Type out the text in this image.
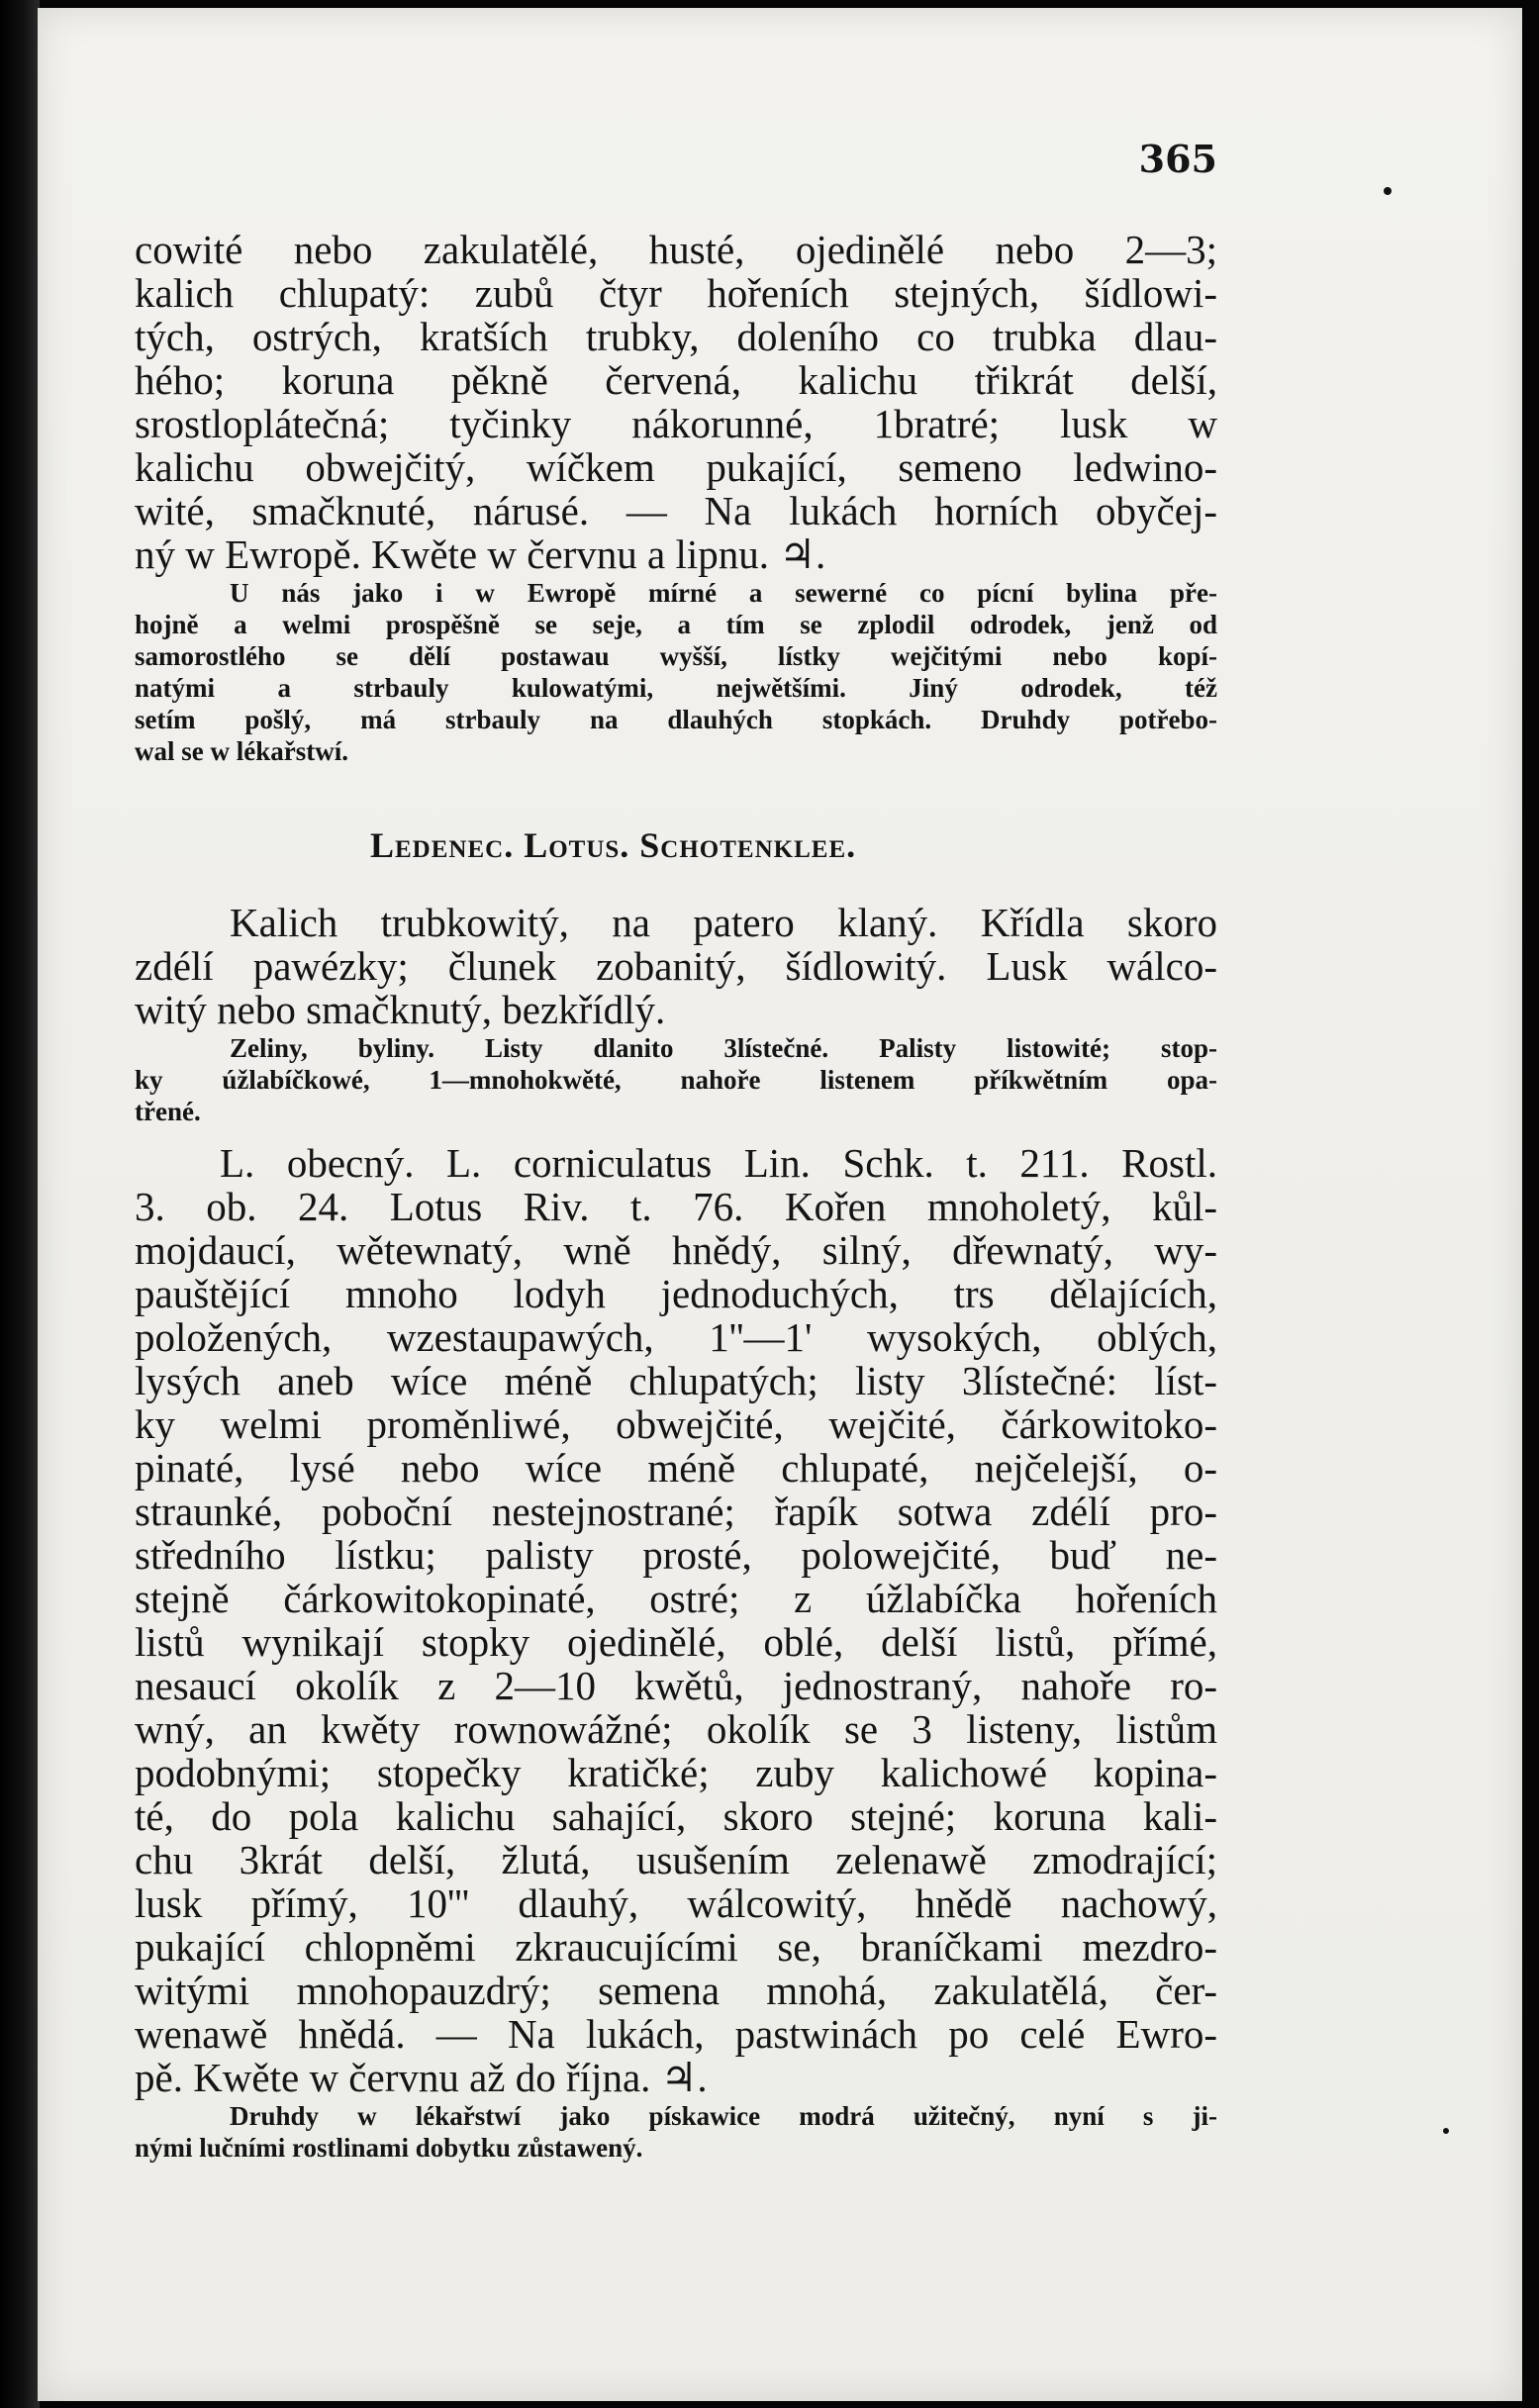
365
cowité nebo zakulatělé, husté, ojedinělé nebo 2—3;
kalich chlupatý: zubů čtyr hořeních stejných, šídlowi-
tých, ostrých, kratších trubky, doleního co trubka dlau-
hého; koruna pěkně červená, kalichu třikrát delší,
srostloplátečná; tyčinky nákorunné, 1bratré; lusk w
kalichu obwejčitý, wíčkem pukající, semeno ledwino-
wité, smačknuté, nárusé. — Na lukách horních obyčej-
ný w Ewropě. Kwěte w červnu a lipnu. ♃.
U nás jako i w Ewropě mírné a sewerné co pícní bylina pře-
hojně a welmi prospěšně se seje, a tím se zplodil odrodek, jenž od
samorostlého se dělí postawau wyšší, lístky wejčitými nebo kopí-
natými a strbauly kulowatými, nejwětšími. Jiný odrodek, též
setím pošlý, má strbauly na dlauhých stopkách. Druhdy potřebo-
wal se w lékařstwí.
Ledenec. Lotus. Schotenklee.
Kalich trubkowitý, na patero klaný. Křídla skoro
zdélí pawézky; člunek zobanitý, šídlowitý. Lusk wálco-
witý nebo smačknutý, bezkřídlý.
Zeliny, byliny. Listy dlanito 3lístečné. Palisty listowité; stop-
ky úžlabíčkowé, 1—mnohokwěté, nahoře listenem příkwětním opa-
třené.
L. obecný. L. corniculatus Lin. Schk. t. 211. Rostl.
3. ob. 24. Lotus Riv. t. 76. Kořen mnoholetý, kůl-
mojdaucí, wětewnatý, wně hnědý, silný, dřewnatý, wy-
pauštějící mnoho lodyh jednoduchých, trs dělajících,
položených, wzestaupawých, 1''—1' wysokých, oblých,
lysých aneb wíce méně chlupatých; listy 3lístečné: líst-
ky welmi proměnliwé, obwejčité, wejčité, čárkowitoko-
pinaté, lysé nebo wíce méně chlupaté, nejčelejší, o-
straunké, poboční nestejnostrané; řapík sotwa zdélí pro-
středního lístku; palisty prosté, polowejčité, buď ne-
stejně čárkowitokopinaté, ostré; z úžlabíčka hořeních
listů wynikají stopky ojedinělé, oblé, delší listů, přímé,
nesaucí okolík z 2—10 kwětů, jednostraný, nahoře ro-
wný, an kwěty rownowážné; okolík se 3 listeny, listům
podobnými; stopečky kratičké; zuby kalichowé kopina-
té, do pola kalichu sahající, skoro stejné; koruna kali-
chu 3krát delší, žlutá, usušením zelenawě zmodrající;
lusk přímý, 10''' dlauhý, wálcowitý, hnědě nachowý,
pukající chlopněmi zkraucujícími se, braníčkami mezdro-
witými mnohopauzdrý; semena mnohá, zakulatělá, čer-
wenawě hnědá. — Na lukách, pastwinách po celé Ewro-
pě. Kwěte w červnu až do října. ♃.
Druhdy w lékařstwí jako pískawice modrá užitečný, nyní s ji-
nými lučními rostlinami dobytku zůstawený.
